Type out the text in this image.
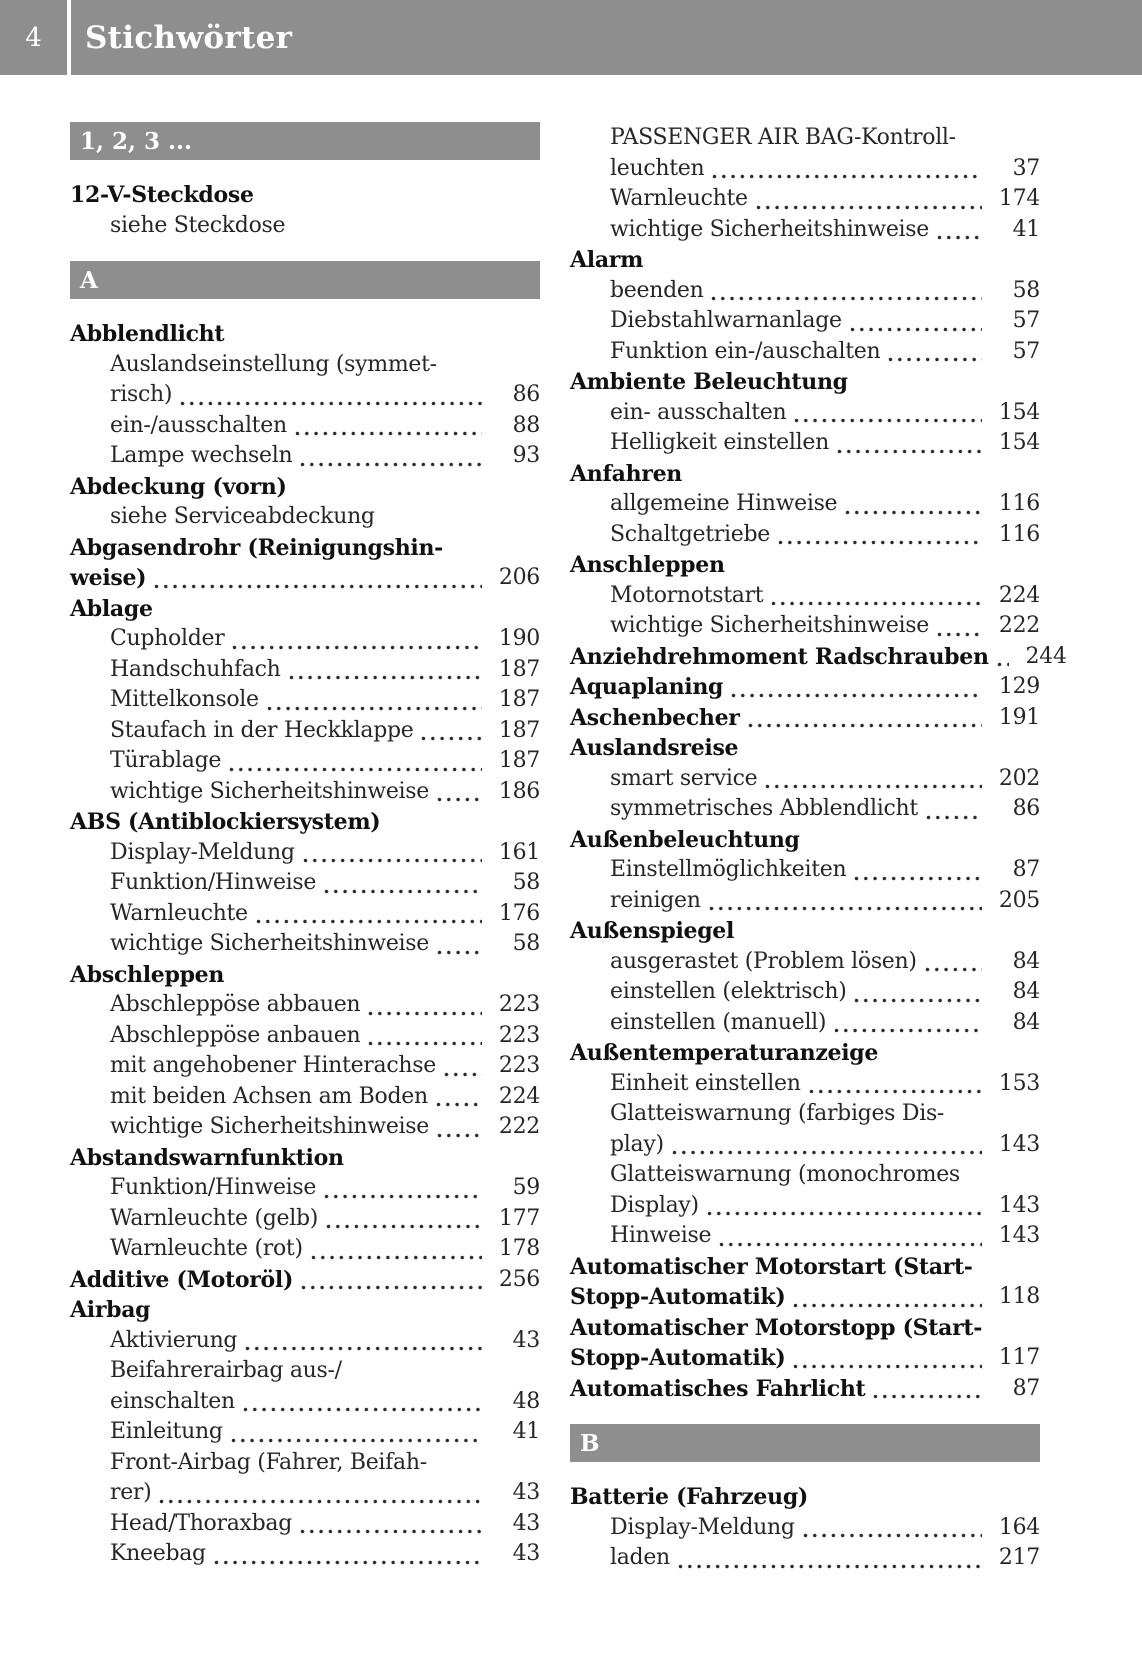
4	Stichwörter
1, 2, 3 ...
12-V-Steckdose
siehe Steckdose
A
Abblendlicht
Auslandseinstellung (symmet-
risch)	86
ein-/ausschalten	88
Lampe wechseln	93
Abdeckung (vorn)
siehe Serviceabdeckung
Abgasendrohr (Reinigungshin-
weise)	206
Ablage
Cupholder	190
Handschuhfach	187
Mittelkonsole	187
Staufach in der Heckklappe	187
Türablage	187
wichtige Sicherheitshinweise	186
ABS (Antiblockiersystem)
Display-Meldung	161
Funktion/Hinweise	58
Warnleuchte	176
wichtige Sicherheitshinweise	58
Abschleppen
Abschleppöse abbauen	223
Abschleppöse anbauen	223
mit angehobener Hinterachse	223
mit beiden Achsen am Boden	224
wichtige Sicherheitshinweise	222
Abstandswarnfunktion
Funktion/Hinweise	59
Warnleuchte (gelb)	177
Warnleuchte (rot)	178
Additive (Motoröl)	256
Airbag
Aktivierung	43
Beifahrerairbag aus-/
einschalten	48
Einleitung	41
Front-Airbag (Fahrer, Beifah-
rer)	43
Head/Thoraxbag	43
Kneebag	43
PASSENGER AIR BAG-Kontroll-
leuchten	37
Warnleuchte	174
wichtige Sicherheitshinweise	41
Alarm
beenden	58
Diebstahlwarnanlage	57
Funktion ein-/auschalten	57
Ambiente Beleuchtung
ein- ausschalten	154
Helligkeit einstellen	154
Anfahren
allgemeine Hinweise	116
Schaltgetriebe	116
Anschleppen
Motornotstart	224
wichtige Sicherheitshinweise	222
Anziehdrehmoment Radschrauben 244
Aquaplaning	129
Aschenbecher	191
Auslandsreise
smart service	202
symmetrisches Abblendlicht	86
Außenbeleuchtung
Einstellmöglichkeiten	87
reinigen	205
Außenspiegel
ausgerastet (Problem lösen)	84
einstellen (elektrisch)	84
einstellen (manuell)	84
Außentemperaturanzeige
Einheit einstellen	153
Glatteiswarnung (farbiges Dis-
play)	143
Glatteiswarnung (monochromes
Display)	143
Hinweise	143
Automatischer Motorstart (Start-
Stopp-Automatik)	118
Automatischer Motorstopp (Start-
Stopp-Automatik)	117
Automatisches Fahrlicht	87
B
Batterie (Fahrzeug)
Display-Meldung	164
laden	217
